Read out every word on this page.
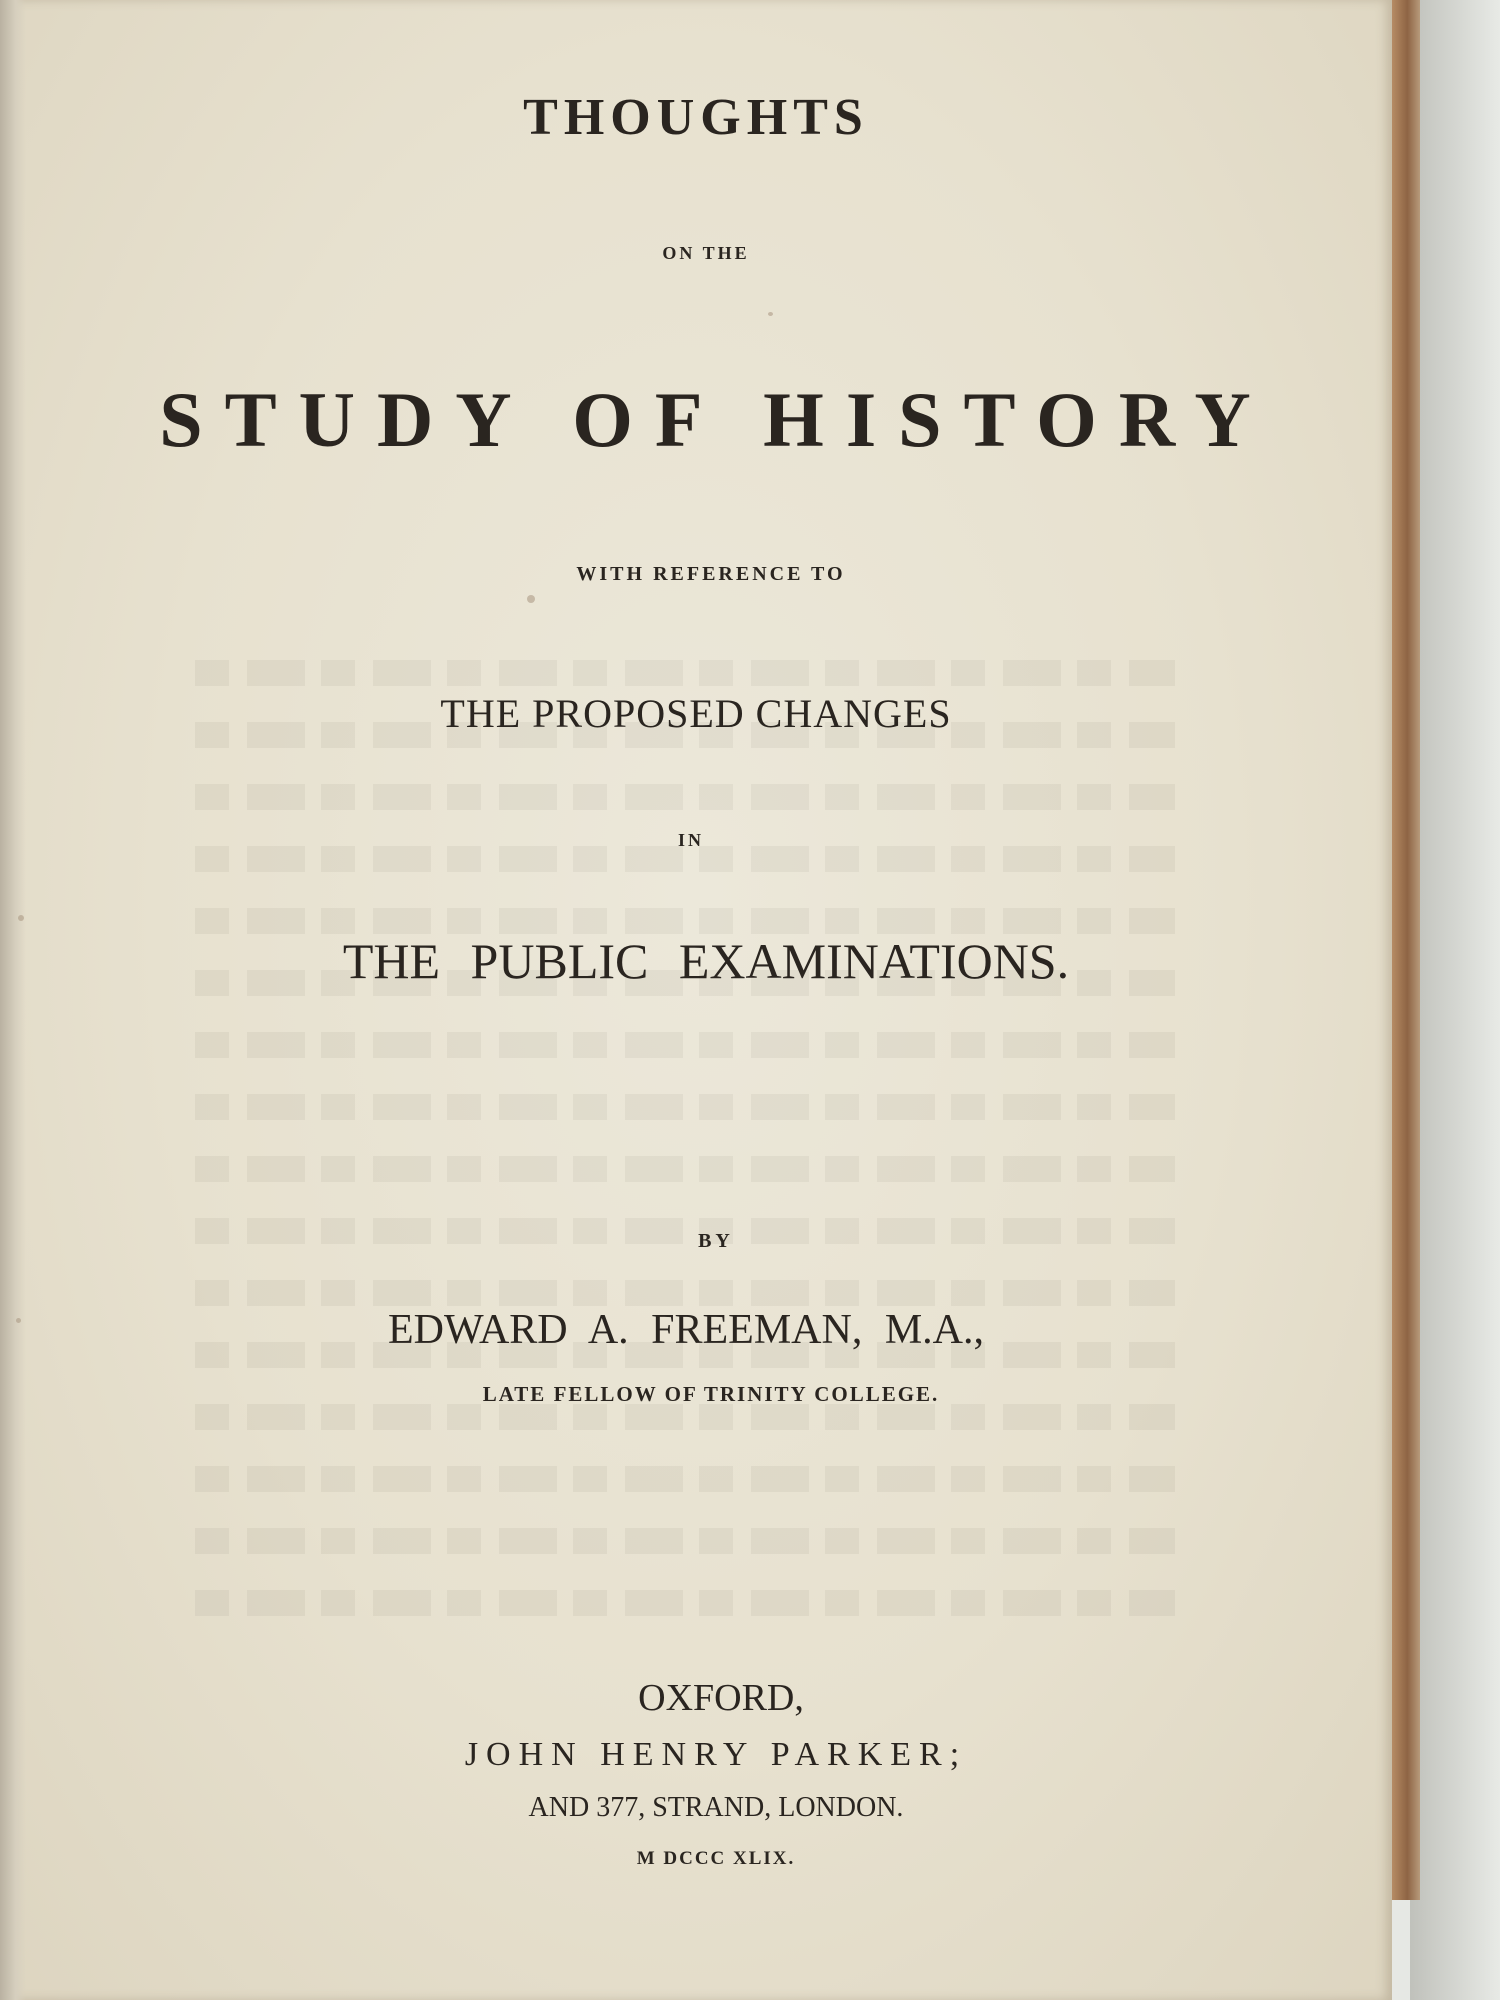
THOUGHTS
ON THE
STUDY OF HISTORY
WITH REFERENCE TO
THE PROPOSED CHANGES
IN
THE PUBLIC EXAMINATIONS.
BY
EDWARD A. FREEMAN, M.A.,
LATE FELLOW OF TRINITY COLLEGE.
OXFORD,
JOHN HENRY PARKER;
AND 377, STRAND, LONDON.
M DCCC XLIX.
